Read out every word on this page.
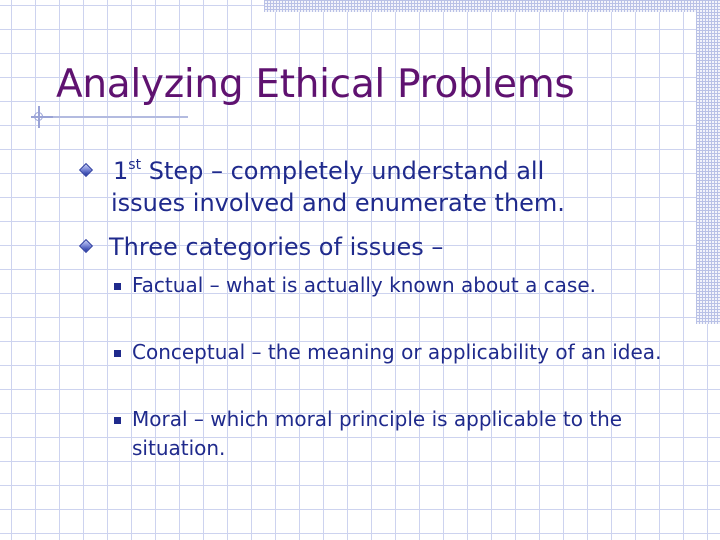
Analyzing Ethical Problems
1st Step – completely understand all
issues involved and enumerate them.
Three categories of issues –
Factual – what is actually known about a case.
Conceptual – the meaning or applicability of an idea.
Moral – which moral principle is applicable to the situation.
